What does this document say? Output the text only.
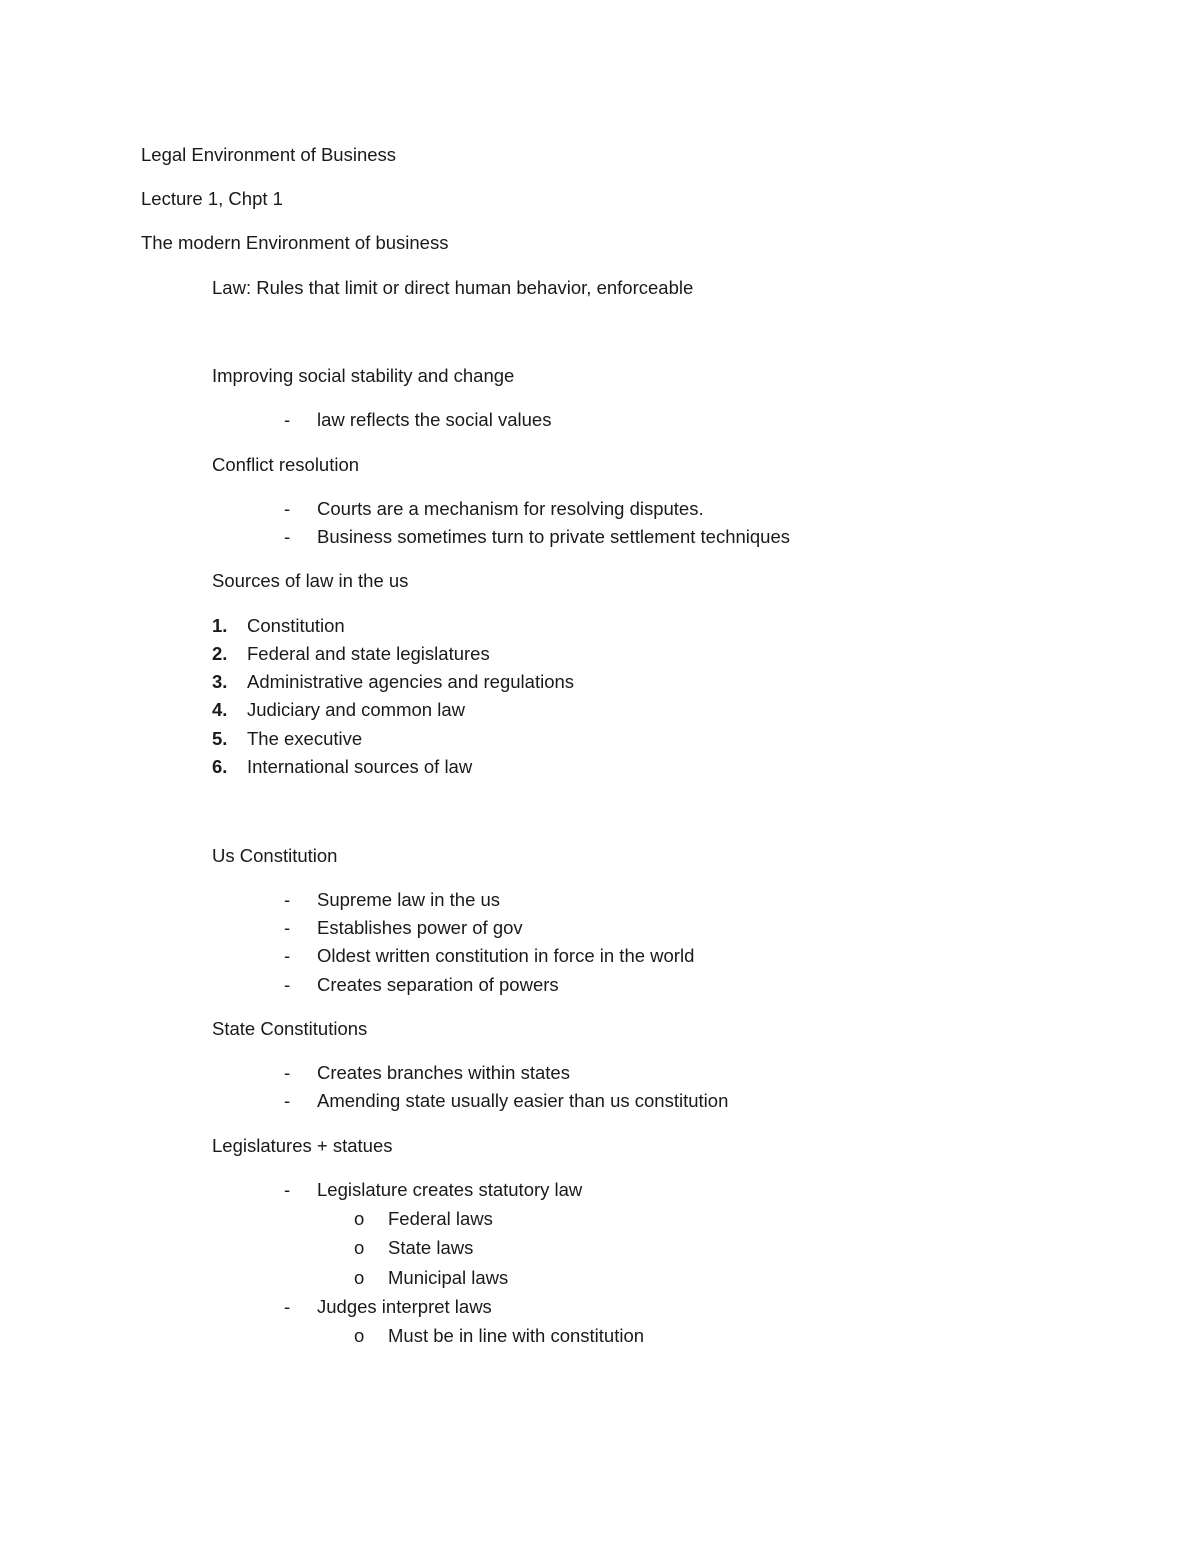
Legal Environment of Business

Lecture 1, Chpt 1

The modern Environment of business

Law: Rules that limit or direct human behavior, enforceable

Improving social stability and change

- law reflects the social values

Conflict resolution

- Courts are a mechanism for resolving disputes.

- Business sometimes turn to private settlement techniques

Sources of law in the us

1. Constitution

2. Federal and state legislatures

3. Administrative agencies and regulations

4. Judiciary and common law

5. The executive

6. International sources of law

Us Constitution

- Supreme law in the us

- Establishes power of gov

- Oldest written constitution in force in the world

- Creates separation of powers

State Constitutions

- Creates branches within states

- Amending state usually easier than us constitution

Legislatures + statues

- Legislature creates statutory law

o Federal laws

o State laws

o Municipal laws

- Judges interpret laws

o Must be in line with constitution
